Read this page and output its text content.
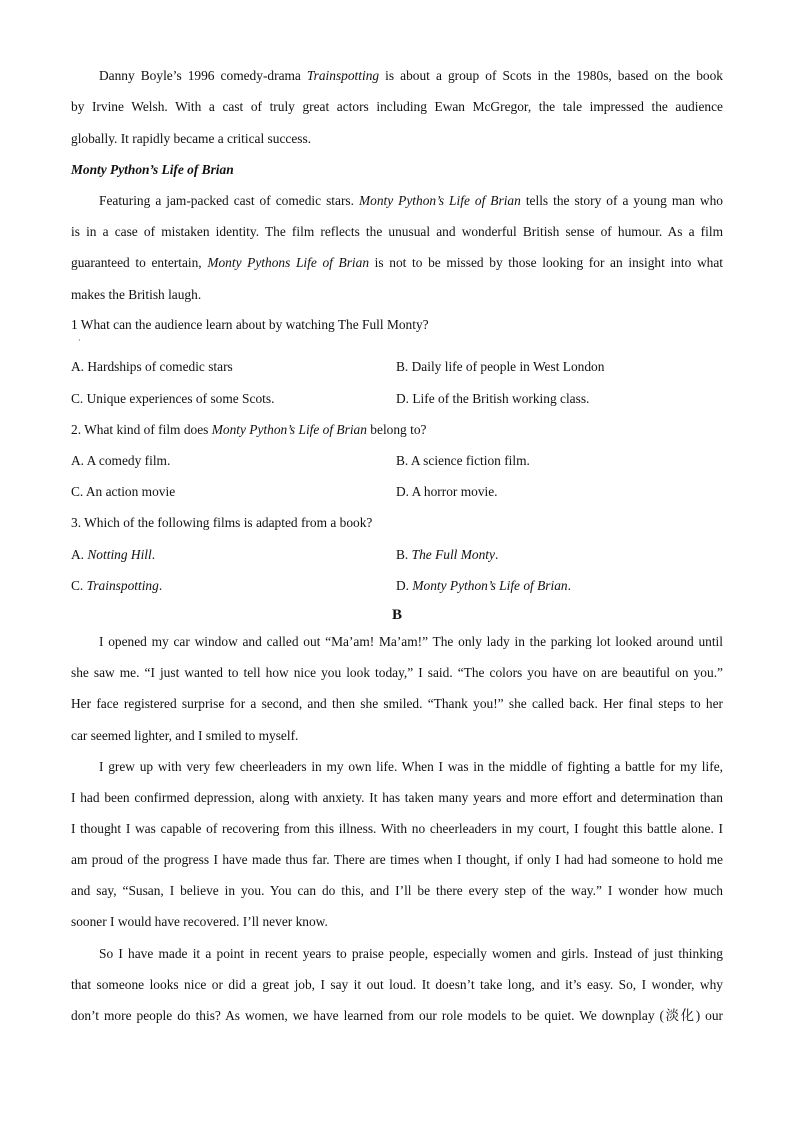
Danny Boyle’s 1996 comedy-drama Trainspotting is about a group of Scots in the 1980s, based on the book
by Irvine Welsh. With a cast of truly great actors including Ewan McGregor, the tale impressed the audience
globally. It rapidly became a critical success.
Monty Python’s Life of Brian
Featuring a jam-packed cast of comedic stars. Monty Python’s Life of Brian tells the story of a young man who
is in a case of mistaken identity. The film reflects the unusual and wonderful British sense of humour. As a film
guaranteed to entertain, Monty Pythons Life of Brian is not to be missed by those looking for an insight into what
makes the British laugh.
1 What can the audience learn about by watching The Full Monty?
·
A. Hardships of comedic stars	B. Daily life of people in West London
C. Unique experiences of some Scots.	D. Life of the British working class.
2. What kind of film does Monty Python’s Life of Brian belong to?
A. A comedy film.	B. A science fiction film.
C. An action movie	D. A horror movie.
3. Which of the following films is adapted from a book?
A. Notting Hill.	B. The Full Monty.
C. Trainspotting.	D. Monty Python’s Life of Brian.
B
I opened my car window and called out “Ma’am! Ma’am!” The only lady in the parking lot looked around until
she saw me. “I just wanted to tell how nice you look today,” I said. “The colors you have on are beautiful on you.”
Her face registered surprise for a second, and then she smiled. “Thank you!” she called back. Her final steps to her
car seemed lighter, and I smiled to myself.
I grew up with very few cheerleaders in my own life. When I was in the middle of fighting a battle for my life,
I had been confirmed depression, along with anxiety. It has taken many years and more effort and determination than
I thought I was capable of recovering from this illness. With no cheerleaders in my court, I fought this battle alone. I
am proud of the progress I have made thus far. There are times when I thought, if only I had had someone to hold me
and say, “Susan, I believe in you. You can do this, and I’ll be there every step of the way.” I wonder how much
sooner I would have recovered. I’ll never know.
So I have made it a point in recent years to praise people, especially women and girls. Instead of just thinking
that someone looks nice or did a great job, I say it out loud. It doesn’t take long, and it’s easy. So, I wonder, why
don’t more people do this? As women, we have learned from our role models to be quiet. We downplay (淡化) our
